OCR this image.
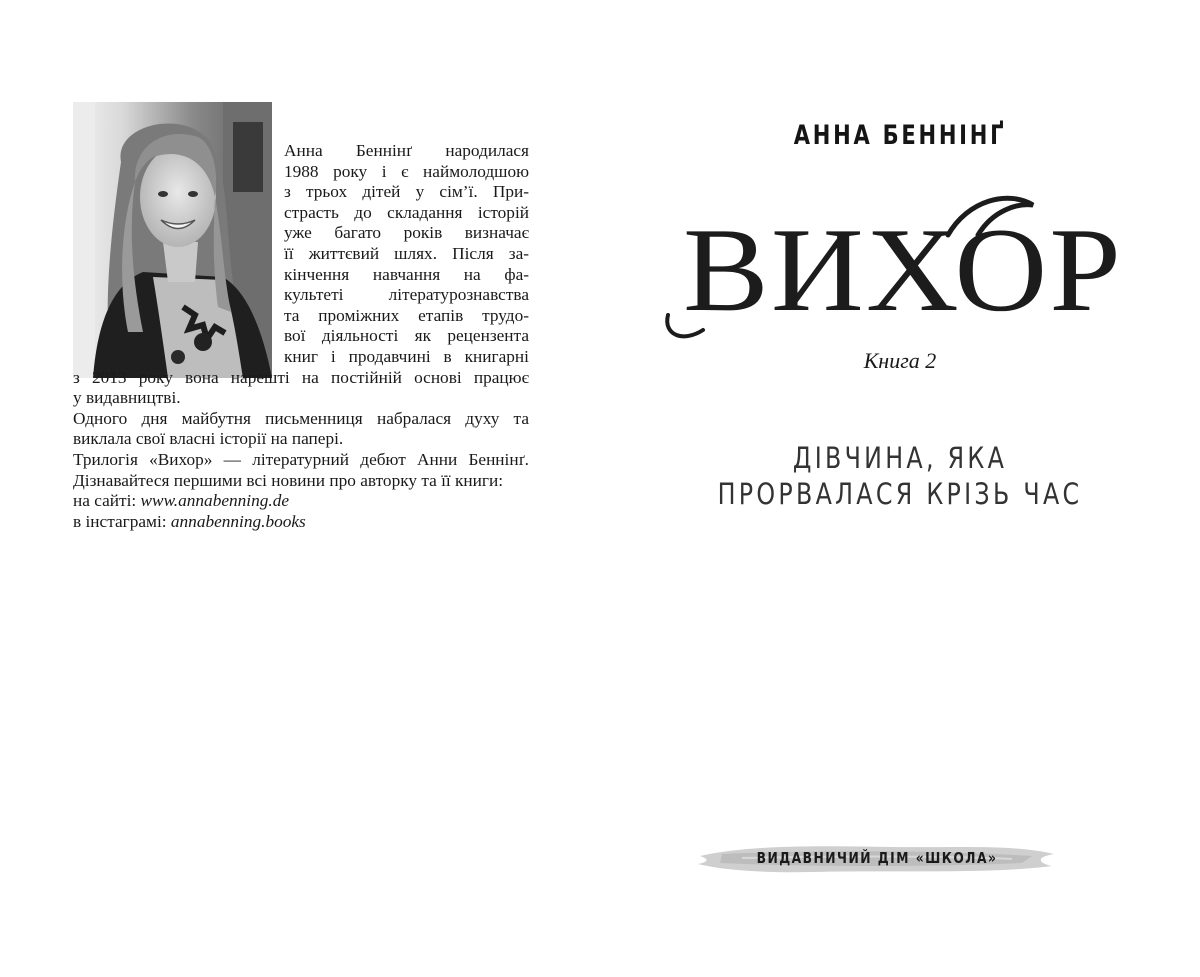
Анна Беннінґ народилася

1988 року і є наймолодшою

з трьох дітей у сім’ї. При-

страсть до складання історій

уже багато років визначає

її життєвий шлях. Після за-

кінчення навчання на фа-

культеті літературознавства

та проміжних етапів трудо-

вої діяльності як рецензента

книг і продавчині в книгарні

з 2013 року вона нарешті на постійній основі працює

у видавництві.

Одного дня майбутня письменниця набралася духу та виклала свої власні історії на папері.

Трилогія «Вихор» — літературний дебют Анни Беннінґ. Дізнавайтеся першими всі новини про авторку та її книги:

на сайті: www.annabenning.de

в інстаграмі: annabenning.books

АННА БЕННІНҐ
ВИХОР
Книга 2
ДІВЧИНА, ЯКА
ПРОРВАЛАСЯ КРІЗЬ ЧАС
ВИДАВНИЧИЙ ДІМ «ШКОЛА»
